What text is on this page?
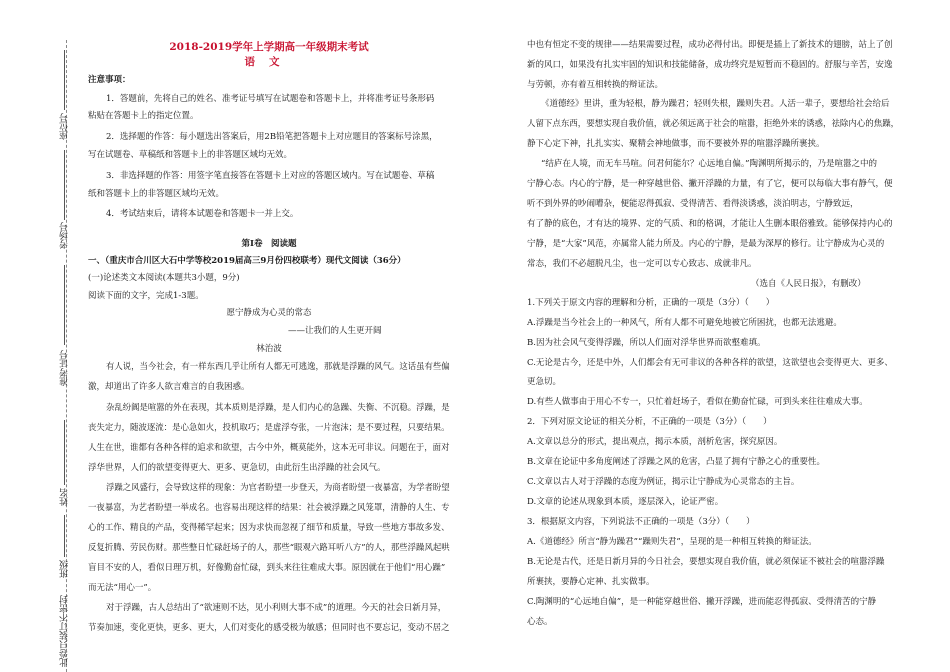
座位号
考场号
准考证号
姓名
班级
此卷只装订不密封
2018-2019学年上学期高一年级期末考试
语文

注意事项：

1．答题前，先将自己的姓名、准考证号填写在试题卷和答题卡上，并将准考证号条形码

粘贴在答题卡上的指定位置。

2．选择题的作答：每小题选出答案后，用2B铅笔把答题卡上对应题目的答案标号涂黑，

写在试题卷、草稿纸和答题卡上的非答题区域均无效。

3．非选择题的作答：用签字笔直接答在答题卡上对应的答题区域内。写在试题卷、草稿

纸和答题卡上的非答题区域均无效。

4．考试结束后，请将本试题卷和答题卡一并上交。

第Ⅰ卷　阅读题

一、（重庆市合川区大石中学等校2019届高三9月份四校联考）现代文阅读（36分）

(一)论述类文本阅读(本题共3小题，9分)

阅读下面的文字，完成1-3题。

愿宁静成为心灵的常态

——让我们的人生更开阔

林治波

有人说，当今社会，有一样东西几乎让所有人都无可逃逸，那就是浮躁的风气。这话虽有些偏

激，却道出了许多人欲言难言的自我困惑。

杂乱纷阗是喧嚣的外在表现，其本质则是浮躁，是人们内心的急躁、失衡、不沉稳。浮躁，是

丧失定力，随波逐流：是心急如火，投机取巧；是虚浮夸张，一片泡沫；是不要过程，只要结果。

人生在世，谁都有各种各样的追求和欲望，古今中外，概莫能外，这本无可非议。问题在于，面对

浮华世界，人们的欲望变得更大、更多、更急切，由此衍生出浮躁的社会风气。

浮躁之风盛行，会导致这样的现象：为官者盼望一步登天，为商者盼望一夜暴富，为学者盼望

一夜暴富，为艺者盼望一举成名。也容易出现这样的结果：社会被浮躁之风笼罩，清静的人生、专

心的工作、精良的产品，变得稀罕起来；因为求快而忽视了细节和质量，导致一些地方事故多发、

反复折腾、劳民伤财。那些整日忙碌赶场子的人，那些“眼观六路耳听八方”的人，那些浮躁风起哄

盲目不安的人，看似日理万机，好像勤奋忙碌，到头来往往难成大事。原因就在于他们“用心躁”

而无法“用心一”。

对于浮躁，古人总结出了“欲速则不达，见小利则大事不成”的道理。今天的社会日新月异，

节奏加速，变化更快，更多、更大，人们对变化的感受极为敏感；但同时也不要忘记，变动不居之

中也有恒定不变的规律——结果需要过程，成功必得付出。即便是插上了新技术的翅膀，站上了创

新的风口，如果没有扎实牢固的知识和技能储备，成功终究是短暂而不稳固的。舒服与辛苦，安逸

与劳顿，亦有着互相转换的辩证法。

《道德经》里讲，重为轻根，静为躁君；轻则失根，躁则失君。人活一辈子，要想给社会给后

人留下点东西，要想实现自我价值，就必须远离于社会的喧嚣，拒绝外来的诱惑，祛除内心的焦躁，

静下心定下神，扎扎实实、聚精会神地做事，而不要被外界的喧嚣浮躁所裹挟。

“结庐在人境，而无车马喧。问君何能尔？心远地自偏。”陶渊明所揭示的，乃是喧嚣之中的

宁静心态。内心的宁静，是一种穿越世俗、撇开浮躁的力量，有了它，便可以每临大事有静气，便

听不到外界的吵闹嘈杂，便能忍得孤寂、受得清苦、看得淡诱惑，淡泊明志，宁静致远，

有了静的底色，才有达的境界、定的气质、和的格调，才能让人生删本眼俗雅致。能够保持内心的

宁静，是“大家”风范，亦属常人能力所及。内心的宁静，是最为深厚的修行。让宁静成为心灵的

常态，我们不必超脱凡尘，也一定可以专心致志、成就非凡。

（选自《人民日报》，有删改）

1.下列关于原文内容的理解和分析，正确的一项是（3分）（　　）

A.浮躁是当今社会上的一种风气，所有人都不可避免地被它所困扰，也都无法逃避。

B.因为社会风气变得浮躁，所以人们面对浮华世界而欲壑难填。

C.无论是古今，还是中外，人们都会有无可非议的各种各样的欲望，这欲望也会变得更大、更多、

更急切。

D.有些人做事由于用心不专一，只忙着赶场子，看似在勤奋忙碌，可到头来往往难成大事。

2．下列对原文论证的相关分析，不正确的一项是（3分）（　　）

A.文章以总分的形式，提出观点，揭示本质，剖析危害，探究原因。

B.文章在论证中多角度阐述了浮躁之风的危害，凸显了拥有宁静之心的重要性。

C.文章以古人对于浮躁的态度为例证，揭示让宁静成为心灵常态的主旨。

D.文章的论述从现象到本质，逐层深入，论证严密。

3．根据原文内容，下列说法不正确的一项是（3分）（　　）

A.《道德经》所言“静为躁君”“躁则失君”，呈现的是一种相互转换的辩证法。

B.无论是古代，还是日新月异的今日社会，要想实现自我价值，就必须保证不被社会的喧嚣浮躁

所裹挟，要静心定神、扎实做事。

C.陶渊明的“心远地自偏”，是一种能穿越世俗、撇开浮躁，进而能忍得孤寂、受得清苦的宁静

心态。
